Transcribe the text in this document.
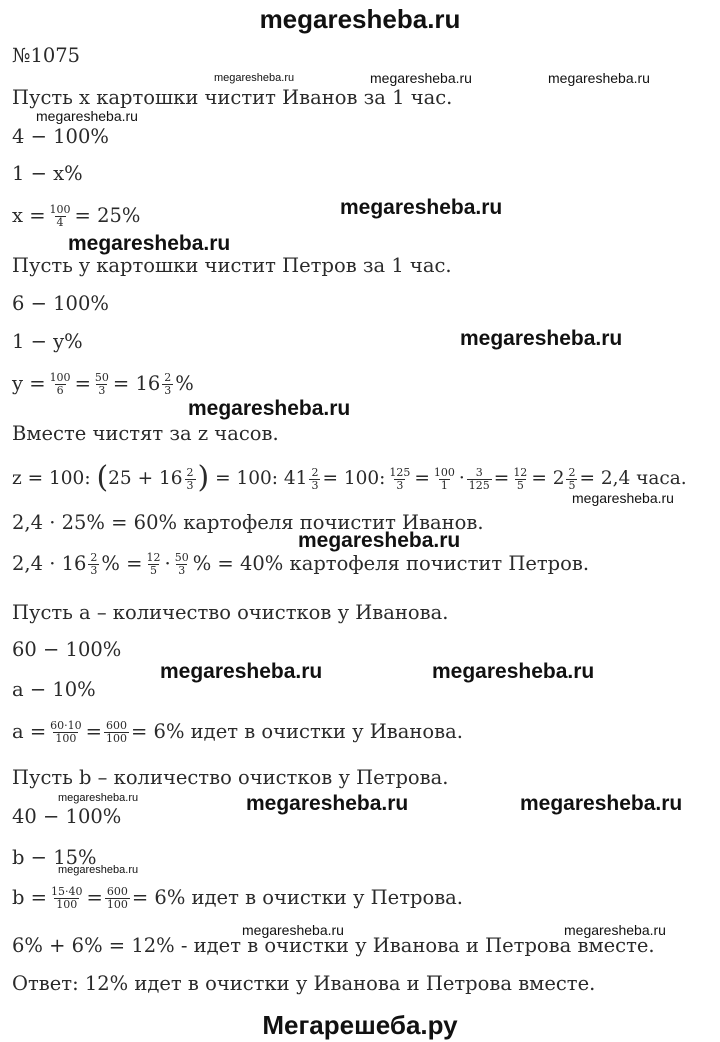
megaresheba.ru
№1075
megaresheba.ru	megaresheba.ru	megaresheba.ru
megaresheba.ru
megaresheba.ru
megaresheba.ru
megaresheba.ru
megaresheba.ru
megaresheba.ru
megaresheba.ru
megaresheba.ru	megaresheba.ru
megaresheba.ru	megaresheba.ru	megaresheba.ru
megaresheba.ru
megaresheba.ru	megaresheba.ru
Пусть x картошки чистит Иванов за 1 час.
4 − 100%
1 − x%
$x = \frac{100}{4} = 25\%$
Пусть y картошки чистит Петров за 1 час.
6 − 100%
1 − y%
$y = \frac{100}{6} = \frac{50}{3} = 16 \frac{2}{3}$ %
Вместе чистят за z часов.
z = 100: ($25 + 16 \frac{2}{3}$ ) = 100: $41 \frac{2}{3} = 100$: $\frac{125}{3} = \frac{100}{1} \cdot \frac{3}{125} = \frac{12}{5} = 2 \frac{2}{5} = 2,4$ часа.
2,4 · 25% = 60% картофеля почистит Иванов.
$2,4 \cdot 16 \frac{2}{3}$ % = $\frac{12}{5} \cdot \frac{50}{3}$ % = 40% картофеля почистит Петров.
Пусть a – количество очистков у Иванова.
60 − 100%
a − 10%
$a = \frac{60\cdot 10}{100} = \frac{600}{100} = 6\%$ идет в очистки у Иванова.
Пусть b – количество очистков у Петрова.
40 − 100%
b − 15%
$b = \frac{15\cdot 40}{100} = \frac{600}{100} = 6\%$ идет в очистки у Петрова.
6% + 6% = 12% - идет в очистки у Иванова и Петрова вместе.
Ответ: 12% идет в очистки у Иванова и Петрова вместе.
Мегарешеба.ру
